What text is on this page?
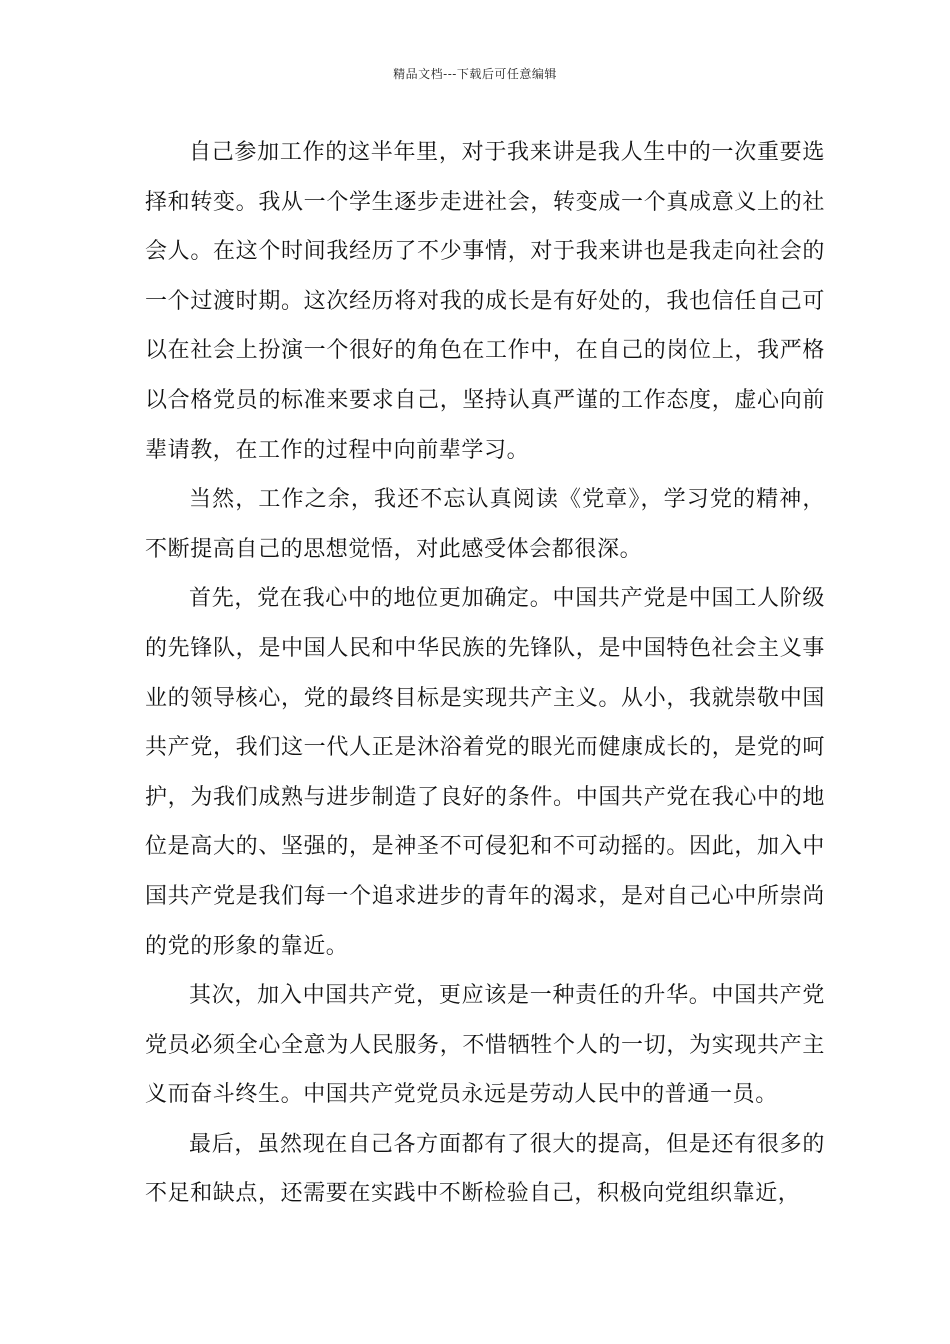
精品文档---下载后可任意编辑

自己参加工作的这半年里，对于我来讲是我人生中的一次重要选择和转变。我从一个学生逐步走进社会，转变成一个真成意义上的社会人。在这个时间我经历了不少事情，对于我来讲也是我走向社会的一个过渡时期。这次经历将对我的成长是有好处的，我也信任自己可以在社会上扮演一个很好的角色在工作中，在自己的岗位上，我严格以合格党员的标准来要求自己，坚持认真严谨的工作态度，虚心向前辈请教，在工作的过程中向前辈学习。

当然，工作之余，我还不忘认真阅读《党章》，学习党的精神，不断提高自己的思想觉悟，对此感受体会都很深。

首先，党在我心中的地位更加确定。中国共产党是中国工人阶级的先锋队，是中国人民和中华民族的先锋队，是中国特色社会主义事业的领导核心，党的最终目标是实现共产主义。从小，我就崇敬中国共产党，我们这一代人正是沐浴着党的眼光而健康成长的，是党的呵护，为我们成熟与进步制造了良好的条件。中国共产党在我心中的地位是高大的、坚强的，是神圣不可侵犯和不可动摇的。因此，加入中国共产党是我们每一个追求进步的青年的渴求，是对自己心中所崇尚的党的形象的靠近。

其次，加入中国共产党，更应该是一种责任的升华。中国共产党党员必须全心全意为人民服务，不惜牺牲个人的一切，为实现共产主义而奋斗终生。中国共产党党员永远是劳动人民中的普通一员。

最后，虽然现在自己各方面都有了很大的提高，但是还有很多的不足和缺点，还需要在实践中不断检验自己，积极向党组织靠近，
